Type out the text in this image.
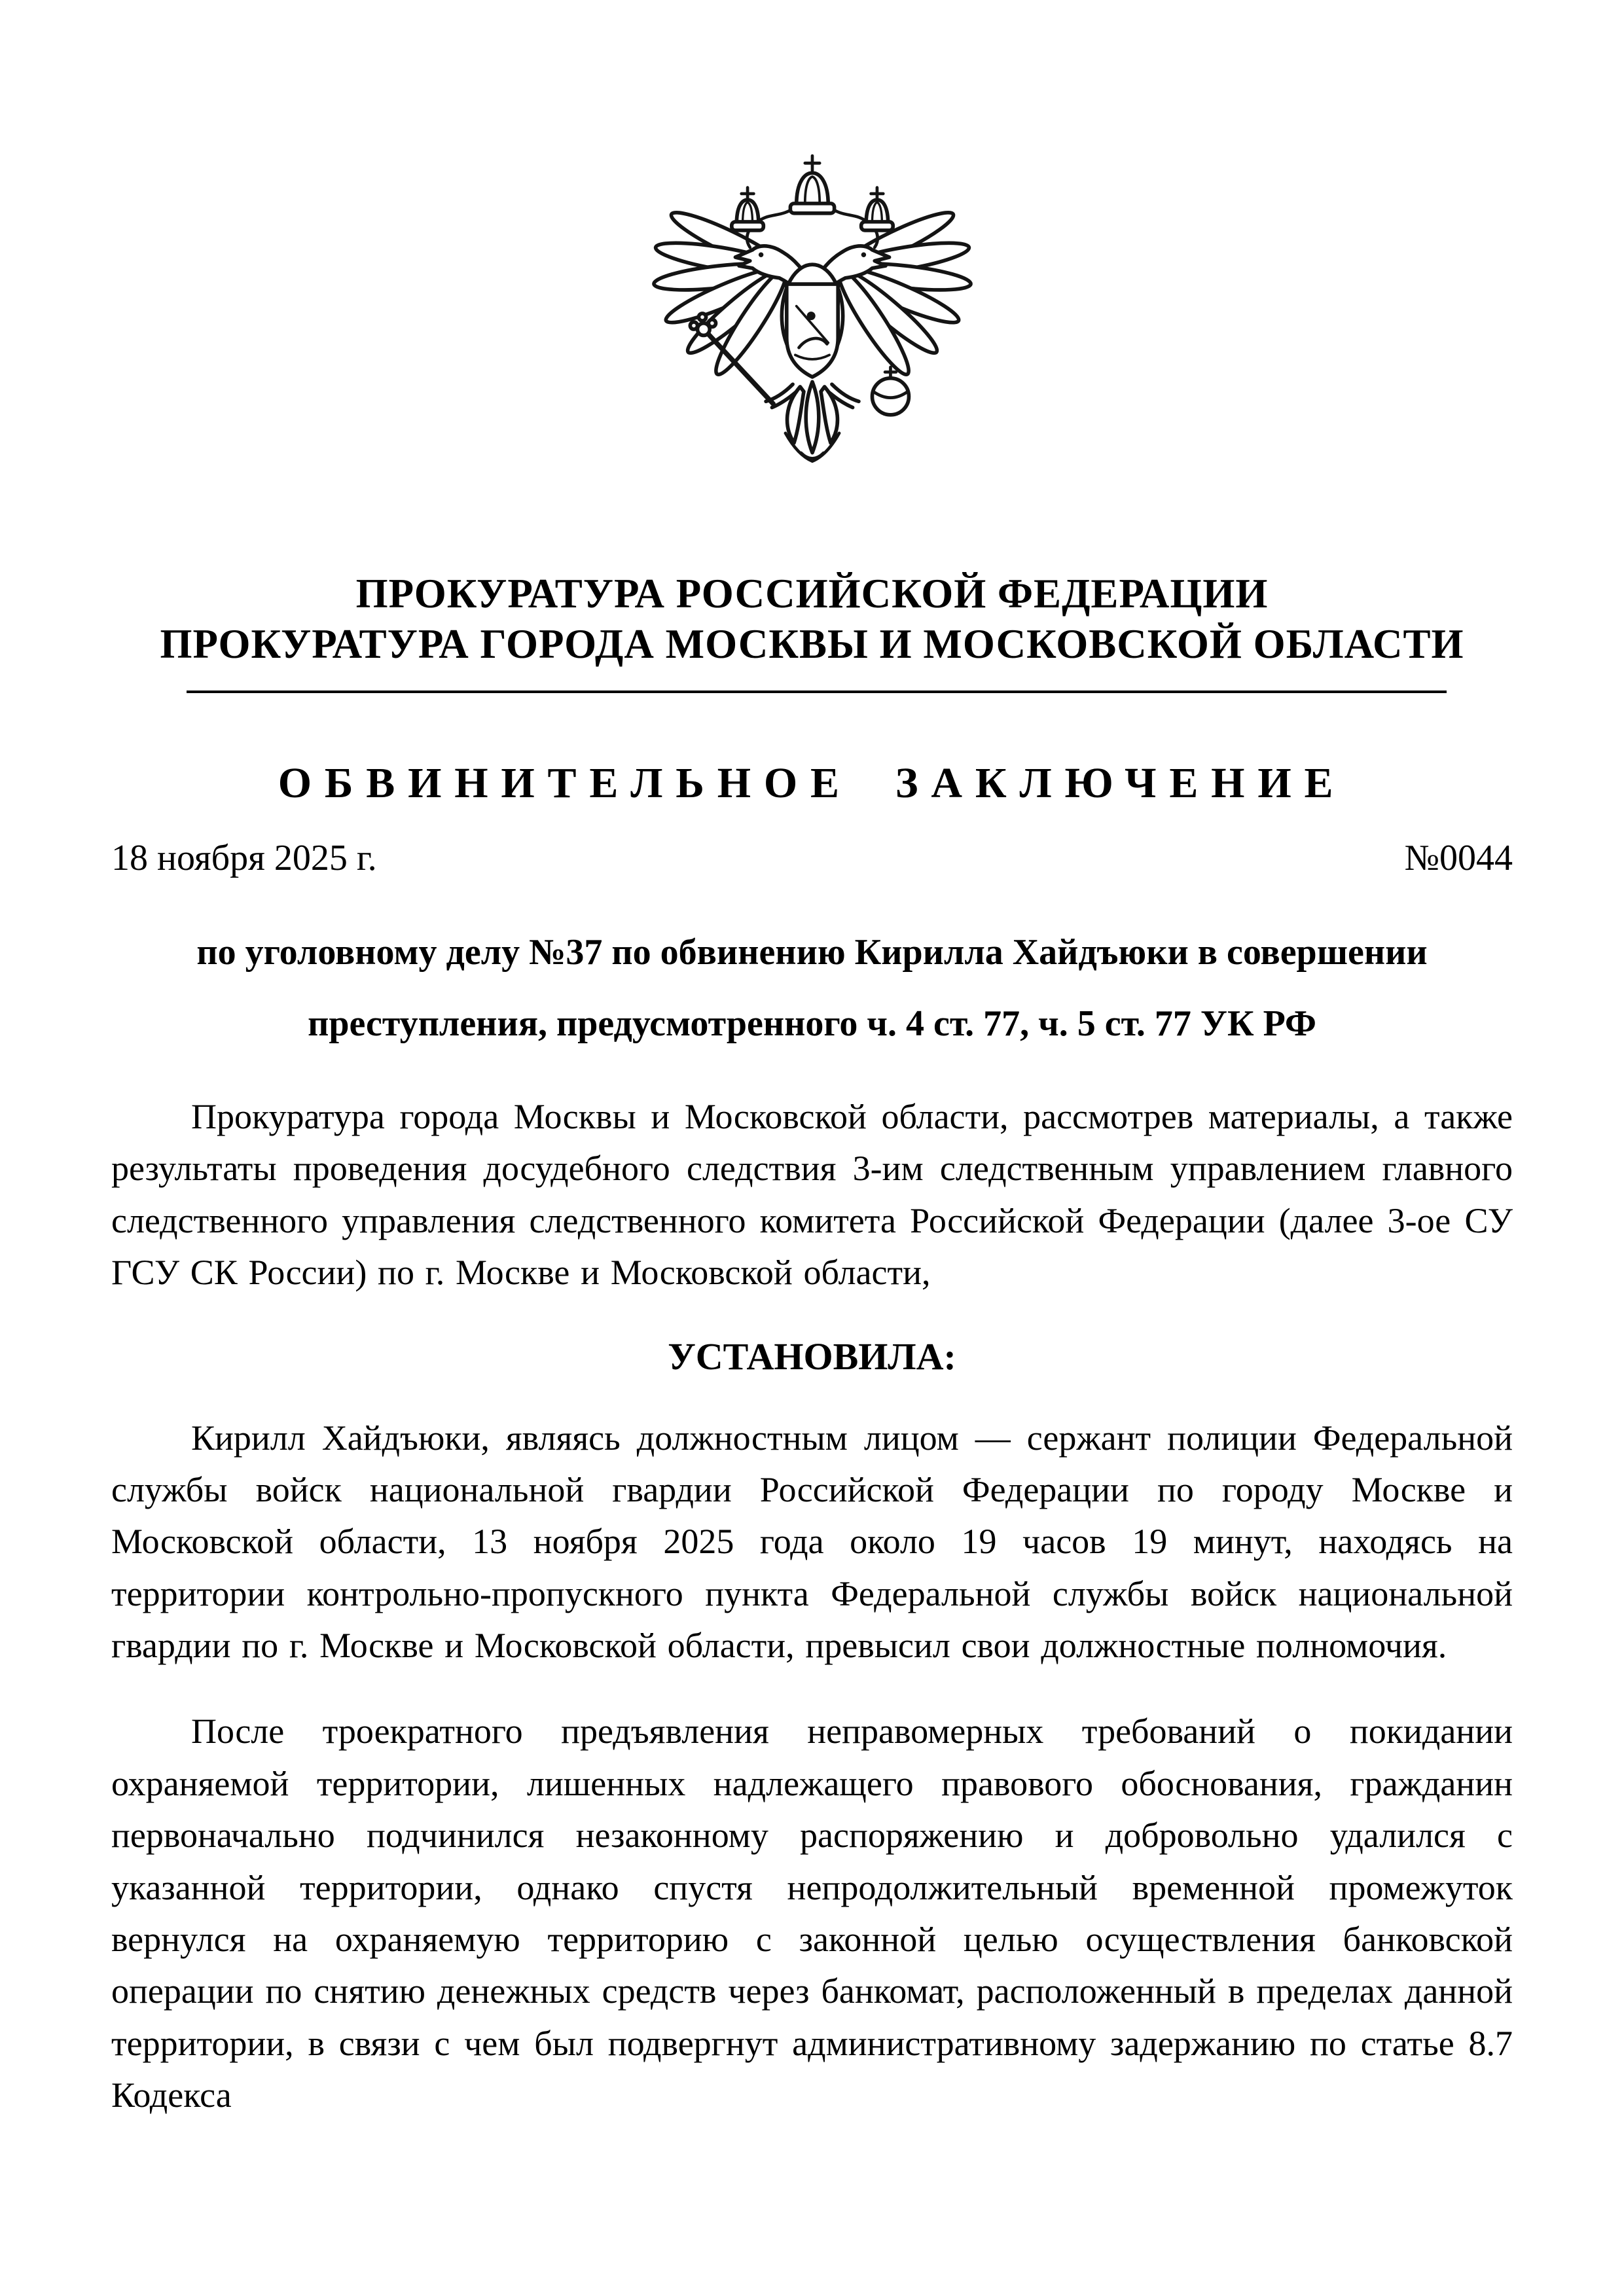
ПРОКУРАТУРА РОССИЙСКОЙ ФЕДЕРАЦИИ
ПРОКУРАТУРА ГОРОДА МОСКВЫ И МОСКОВСКОЙ ОБЛАСТИ
ОБВИНИТЕЛЬНОЕ ЗАКЛЮЧЕНИЕ
18 ноября 2025 г.	№0044

по уголовному делу №37 по обвинению Кирилла Хайдъюки в совершении преступления, предусмотренного ч. 4 ст. 77, ч. 5 ст. 77 УК РФ

Прокуратура города Москвы и Московской области, рассмотрев материалы, а также результаты проведения досудебного следствия 3-им следственным управлением главного следственного управления следственного комитета Российской Федерации (далее 3-ое СУ ГСУ СК России) по г. Москве и Московской области,

УСТАНОВИЛА:

Кирилл Хайдъюки, являясь должностным лицом — сержант полиции Федеральной службы войск национальной гвардии Российской Федерации по городу Москве и Московской области, 13 ноября 2025 года около 19 часов 19 минут, находясь на территории контрольно-пропускного пункта Федеральной службы войск национальной гвардии по г. Москве и Московской области, превысил свои должностные полномочия.

После троекратного предъявления неправомерных требований о покидании охраняемой территории, лишенных надлежащего правового обоснования, гражданин первоначально подчинился незаконному распоряжению и добровольно удалился с указанной территории, однако спустя непродолжительный временной промежуток вернулся на охраняемую территорию с законной целью осуществления банковской операции по снятию денежных средств через банкомат, расположенный в пределах данной территории, в связи с чем был подвергнут административному задержанию по статье 8.7 Кодекса
